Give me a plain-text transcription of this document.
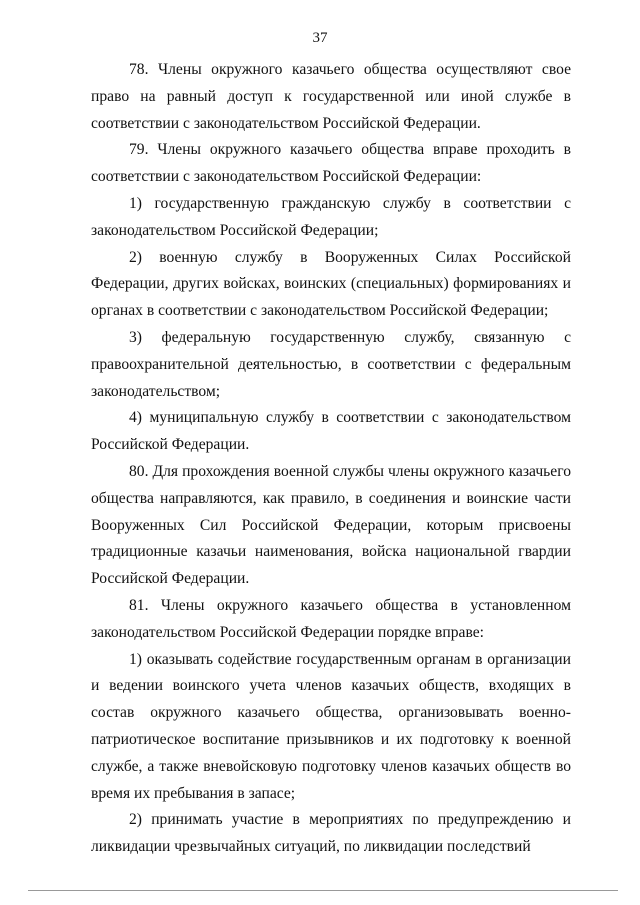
37

78. Члены окружного казачьего общества осуществляют свое право на равный доступ к государственной или иной службе в соответствии с законодательством Российской Федерации.

79. Члены окружного казачьего общества вправе проходить в соответствии с законодательством Российской Федерации:

1) государственную гражданскую службу в соответствии с законодательством Российской Федерации;

2) военную службу в Вооруженных Силах Российской Федерации, других войсках, воинских (специальных) формированиях и органах в соответствии с законодательством Российской Федерации;

3) федеральную государственную службу, связанную с правоохранительной деятельностью, в соответствии с федеральным законодательством;

4) муниципальную службу в соответствии с законодательством Российской Федерации.

80. Для прохождения военной службы члены окружного казачьего общества направляются, как правило, в соединения и воинские части Вооруженных Сил Российской Федерации, которым присвоены традиционные казачьи наименования, войска национальной гвардии Российской Федерации.

81. Члены окружного казачьего общества в установленном законодательством Российской Федерации порядке вправе:

1) оказывать содействие государственным органам в организации и ведении воинского учета членов казачьих обществ, входящих в состав окружного казачьего общества, организовывать военно-патриотическое воспитание призывников и их подготовку к военной службе, а также вневойсковую подготовку членов казачьих обществ во время их пребывания в запасе;

2) принимать участие в мероприятиях по предупреждению и ликвидации чрезвычайных ситуаций, по ликвидации последствий
